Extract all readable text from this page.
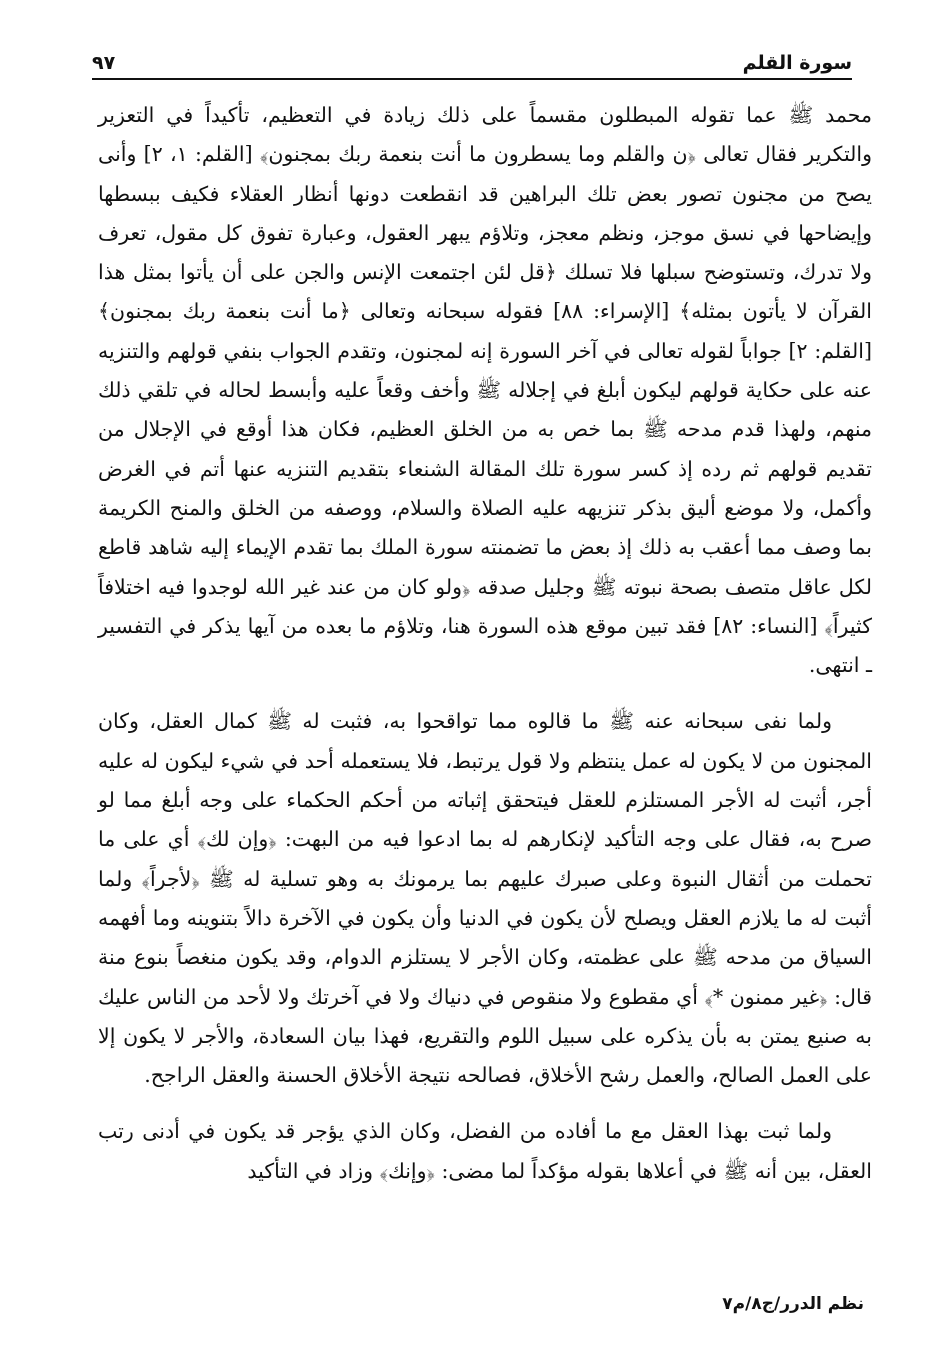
سورة القلم
٩٧

محمد ﷺ عما تقوله المبطلون مقسماً على ذلك زيادة في التعظيم، تأكيداً في التعزير والتكرير فقال تعالى ﴿ن والقلم وما يسطرون ما أنت بنعمة ربك بمجنون﴾ [القلم: ١، ٢] وأنى يصح من مجنون تصور بعض تلك البراهين قد انقطعت دونها أنظار العقلاء فكيف ببسطها وإيضاحها في نسق موجز، ونظم معجز، وتلاؤم يبهر العقول، وعبارة تفوق كل مقول، تعرف ولا تدرك، وتستوضح سبلها فلا تسلك ﴿قل لئن اجتمعت الإنس والجن على أن يأتوا بمثل هذا القرآن لا يأتون بمثله﴾ [الإسراء: ٨٨] فقوله سبحانه وتعالى ﴿ما أنت بنعمة ربك بمجنون﴾ [القلم: ٢] جواباً لقوله تعالى في آخر السورة إنه لمجنون، وتقدم الجواب بنفي قولهم والتنزيه عنه على حكاية قولهم ليكون أبلغ في إجلاله ﷺ وأخف وقعاً عليه وأبسط لحاله في تلقي ذلك منهم، ولهذا قدم مدحه ﷺ بما خص به من الخلق العظيم، فكان هذا أوقع في الإجلال من تقديم قولهم ثم رده إذ كسر سورة تلك المقالة الشنعاء بتقديم التنزيه عنها أتم في الغرض وأكمل، ولا موضع أليق بذكر تنزيهه عليه الصلاة والسلام، ووصفه من الخلق والمنح الكريمة بما وصف مما أعقب به ذلك إذ بعض ما تضمنته سورة الملك بما تقدم الإيماء إليه شاهد قاطع لكل عاقل متصف بصحة نبوته ﷺ وجليل صدقه ﴿ولو كان من عند غير الله لوجدوا فيه اختلافاً كثيراً﴾ [النساء: ٨٢] فقد تبين موقع هذه السورة هنا، وتلاؤم ما بعده من آيها يذكر في التفسير ـ انتهى.

ولما نفى سبحانه عنه ﷺ ما قالوه مما تواقحوا به، فثبت له ﷺ كمال العقل، وكان المجنون من لا يكون له عمل ينتظم ولا قول يرتبط، فلا يستعمله أحد في شيء ليكون له عليه أجر، أثبت له الأجر المستلزم للعقل فيتحقق إثباته من أحكم الحكماء على وجه أبلغ مما لو صرح به، فقال على وجه التأكيد لإنكارهم له بما ادعوا فيه من البهت: ﴿وإن لك﴾ أي على ما تحملت من أثقال النبوة وعلى صبرك عليهم بما يرمونك به وهو تسلية له ﷺ ﴿لأجراً﴾ ولما أثبت له ما يلازم العقل ويصلح لأن يكون في الدنيا وأن يكون في الآخرة دالاً بتنوينه وما أفهمه السياق من مدحه ﷺ على عظمته، وكان الأجر لا يستلزم الدوام، وقد يكون منغصاً بنوع منة قال: ﴿غير ممنون *﴾ أي مقطوع ولا منقوص في دنياك ولا في آخرتك ولا لأحد من الناس عليك به صنيع يمتن به بأن يذكره على سبيل اللوم والتقريع، فهذا بيان السعادة، والأجر لا يكون إلا على العمل الصالح، والعمل رشح الأخلاق، فصالحه نتيجة الأخلاق الحسنة والعقل الراجح.

ولما ثبت بهذا العقل مع ما أفاده من الفضل، وكان الذي يؤجر قد يكون في أدنى رتب العقل، بين أنه ﷺ في أعلاها بقوله مؤكداً لما مضى: ﴿وإنك﴾ وزاد في التأكيد

نظم الدرر/ج٨/م٧
